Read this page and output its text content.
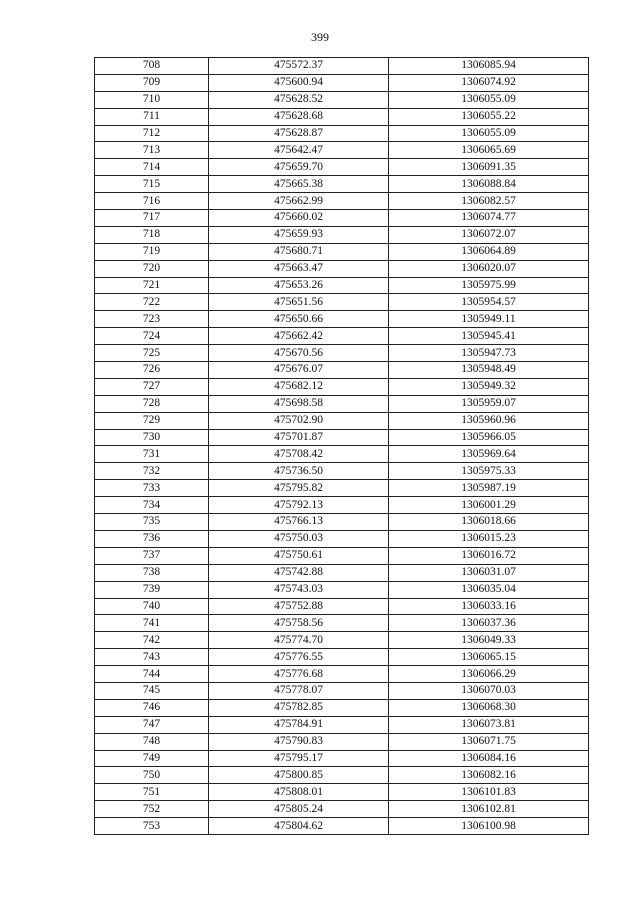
399
708	475572.37	1306085.94
709	475600.94	1306074.92
710	475628.52	1306055.09
711	475628.68	1306055.22
712	475628.87	1306055.09
713	475642.47	1306065.69
714	475659.70	1306091.35
715	475665.38	1306088.84
716	475662.99	1306082.57
717	475660.02	1306074.77
718	475659.93	1306072.07
719	475680.71	1306064.89
720	475663.47	1306020.07
721	475653.26	1305975.99
722	475651.56	1305954.57
723	475650.66	1305949.11
724	475662.42	1305945.41
725	475670.56	1305947.73
726	475676.07	1305948.49
727	475682.12	1305949.32
728	475698.58	1305959.07
729	475702.90	1305960.96
730	475701.87	1305966.05
731	475708.42	1305969.64
732	475736.50	1305975.33
733	475795.82	1305987.19
734	475792.13	1306001.29
735	475766.13	1306018.66
736	475750.03	1306015.23
737	475750.61	1306016.72
738	475742.88	1306031.07
739	475743.03	1306035.04
740	475752.88	1306033.16
741	475758.56	1306037.36
742	475774.70	1306049.33
743	475776.55	1306065.15
744	475776.68	1306066.29
745	475778.07	1306070.03
746	475782.85	1306068.30
747	475784.91	1306073.81
748	475790.83	1306071.75
749	475795.17	1306084.16
750	475800.85	1306082.16
751	475808.01	1306101.83
752	475805.24	1306102.81
753	475804.62	1306100.98
